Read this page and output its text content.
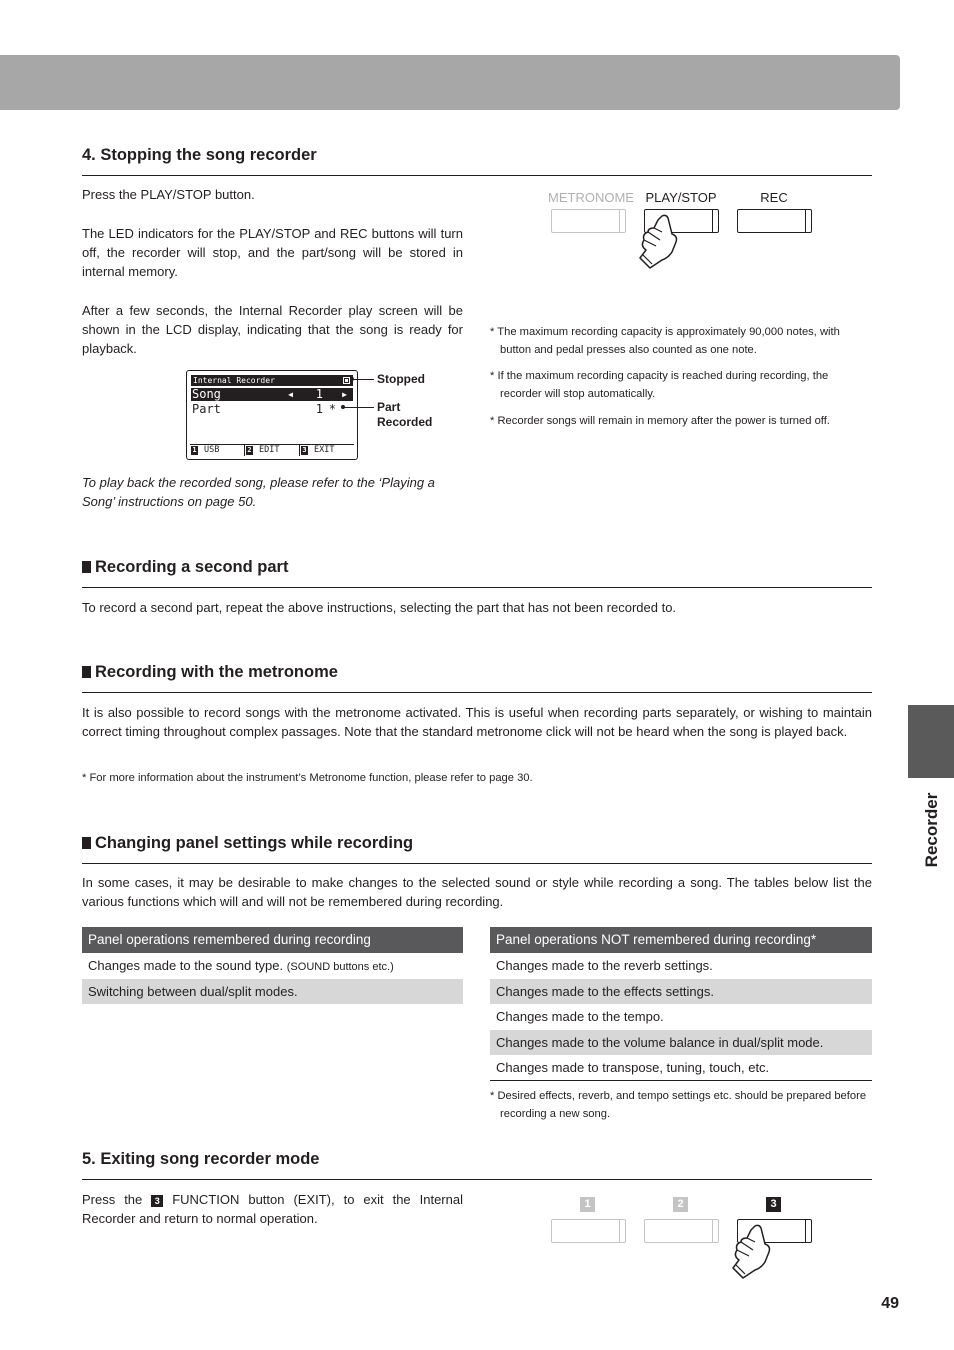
Recorder
4. Stopping the song recorder

Press the PLAY/STOP button.

The LED indicators for the PLAY/STOP and REC buttons will turn off, the recorder will stop, and the part/song will be stored in internal memory.

After a few seconds, the Internal Recorder play screen will be shown in the LCD display, indicating that the song is ready for playback.

METRONOME PLAY/STOP	REC
Internal Recorder
Song	1
◀	▶
Part	1 *
1 USB	2 EDIT	3 EXIT
Stopped
Part
Recorded

To play back the recorded song, please refer to the ‘Playing a Song’ instructions on page 50.

* The maximum recording capacity is approximately 90,000 notes, with button and pedal presses also counted as one note.
* If the maximum recording capacity is reached during recording, the recorder will stop automatically.
* Recorder songs will remain in memory after the power is turned off.
Recording a second part

To record a second part, repeat the above instructions, selecting the part that has not been recorded to.

Recording with the metronome

It is also possible to record songs with the metronome activated. This is useful when recording parts separately, or wishing to maintain correct timing throughout complex passages. Note that the standard metronome click will not be heard when the song is played back.

* For more information about the instrument’s Metronome function, please refer to page 30.
Changing panel settings while recording

In some cases, it may be desirable to make changes to the selected sound or style while recording a song. The tables below list the various functions which will and will not be remembered during recording.

Panel operations remembered during recording
Changes made to the sound type. (SOUND buttons etc.)
Switching between dual/split modes.
Panel operations NOT remembered during recording*
Changes made to the reverb settings.
Changes made to the effects settings.
Changes made to the tempo.
Changes made to the volume balance in dual/split mode.
Changes made to transpose, tuning, touch, etc.
* Desired effects, reverb, and tempo settings etc. should be prepared before recording a new song.
5. Exiting song recorder mode

Press the 3 FUNCTION button (EXIT), to exit the Internal Recorder and return to normal operation.

1	2	3
49
